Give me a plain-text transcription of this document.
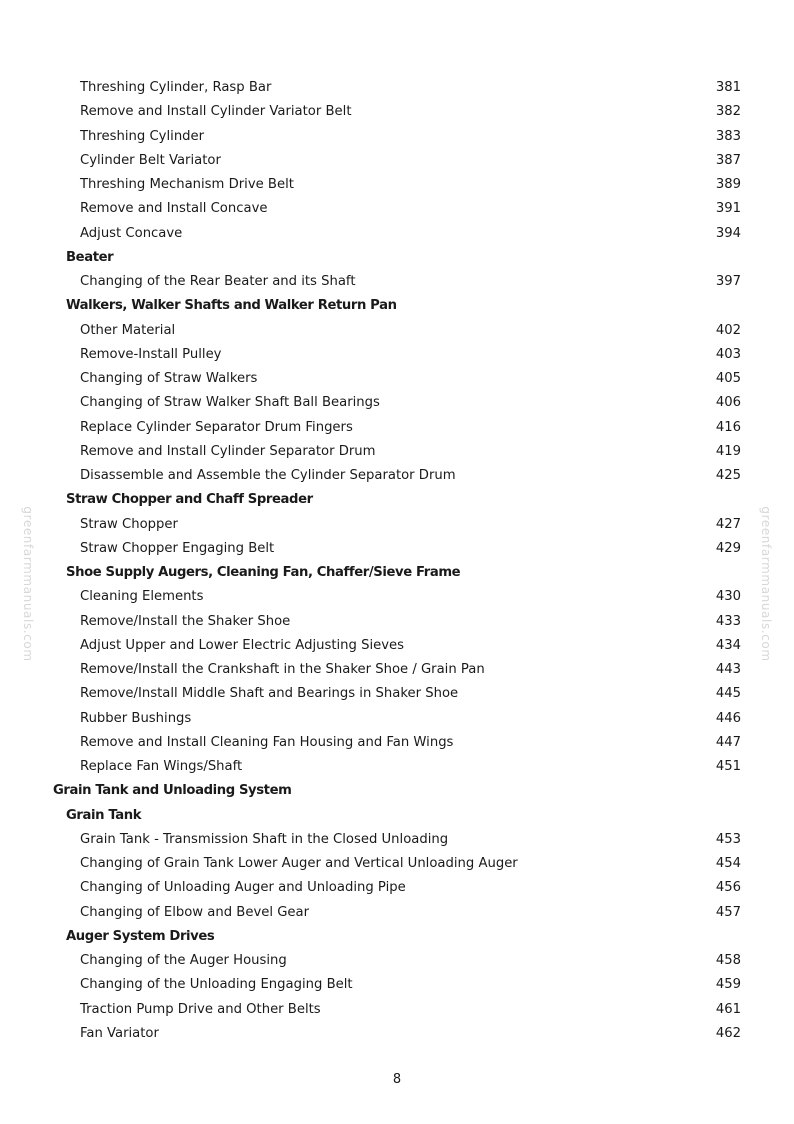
greenfarmmanuals.com	greenfarmmanuals.com
Threshing Cylinder, Rasp Bar	381
Remove and Install Cylinder Variator Belt	382
Threshing Cylinder	383
Cylinder Belt Variator	387
Threshing Mechanism Drive Belt	389
Remove and Install Concave	391
Adjust Concave	394
Beater
Changing of the Rear Beater and its Shaft	397
Walkers, Walker Shafts and Walker Return Pan
Other Material	402
Remove-Install Pulley	403
Changing of Straw Walkers	405
Changing of Straw Walker Shaft Ball Bearings	406
Replace Cylinder Separator Drum Fingers	416
Remove and Install Cylinder Separator Drum	419
Disassemble and Assemble the Cylinder Separator Drum	425
Straw Chopper and Chaff Spreader
Straw Chopper	427
Straw Chopper Engaging Belt	429
Shoe Supply Augers, Cleaning Fan, Chaffer/Sieve Frame
Cleaning Elements	430
Remove/Install the Shaker Shoe	433
Adjust Upper and Lower Electric Adjusting Sieves	434
Remove/Install the Crankshaft in the Shaker Shoe / Grain Pan	443
Remove/Install Middle Shaft and Bearings in Shaker Shoe	445
Rubber Bushings	446
Remove and Install Cleaning Fan Housing and Fan Wings	447
Replace Fan Wings/Shaft	451
Grain Tank and Unloading System
Grain Tank
Grain Tank - Transmission Shaft in the Closed Unloading	453
Changing of Grain Tank Lower Auger and Vertical Unloading Auger	454
Changing of Unloading Auger and Unloading Pipe	456
Changing of Elbow and Bevel Gear	457
Auger System Drives
Changing of the Auger Housing	458
Changing of the Unloading Engaging Belt	459
Traction Pump Drive and Other Belts	461
Fan Variator	462
8
